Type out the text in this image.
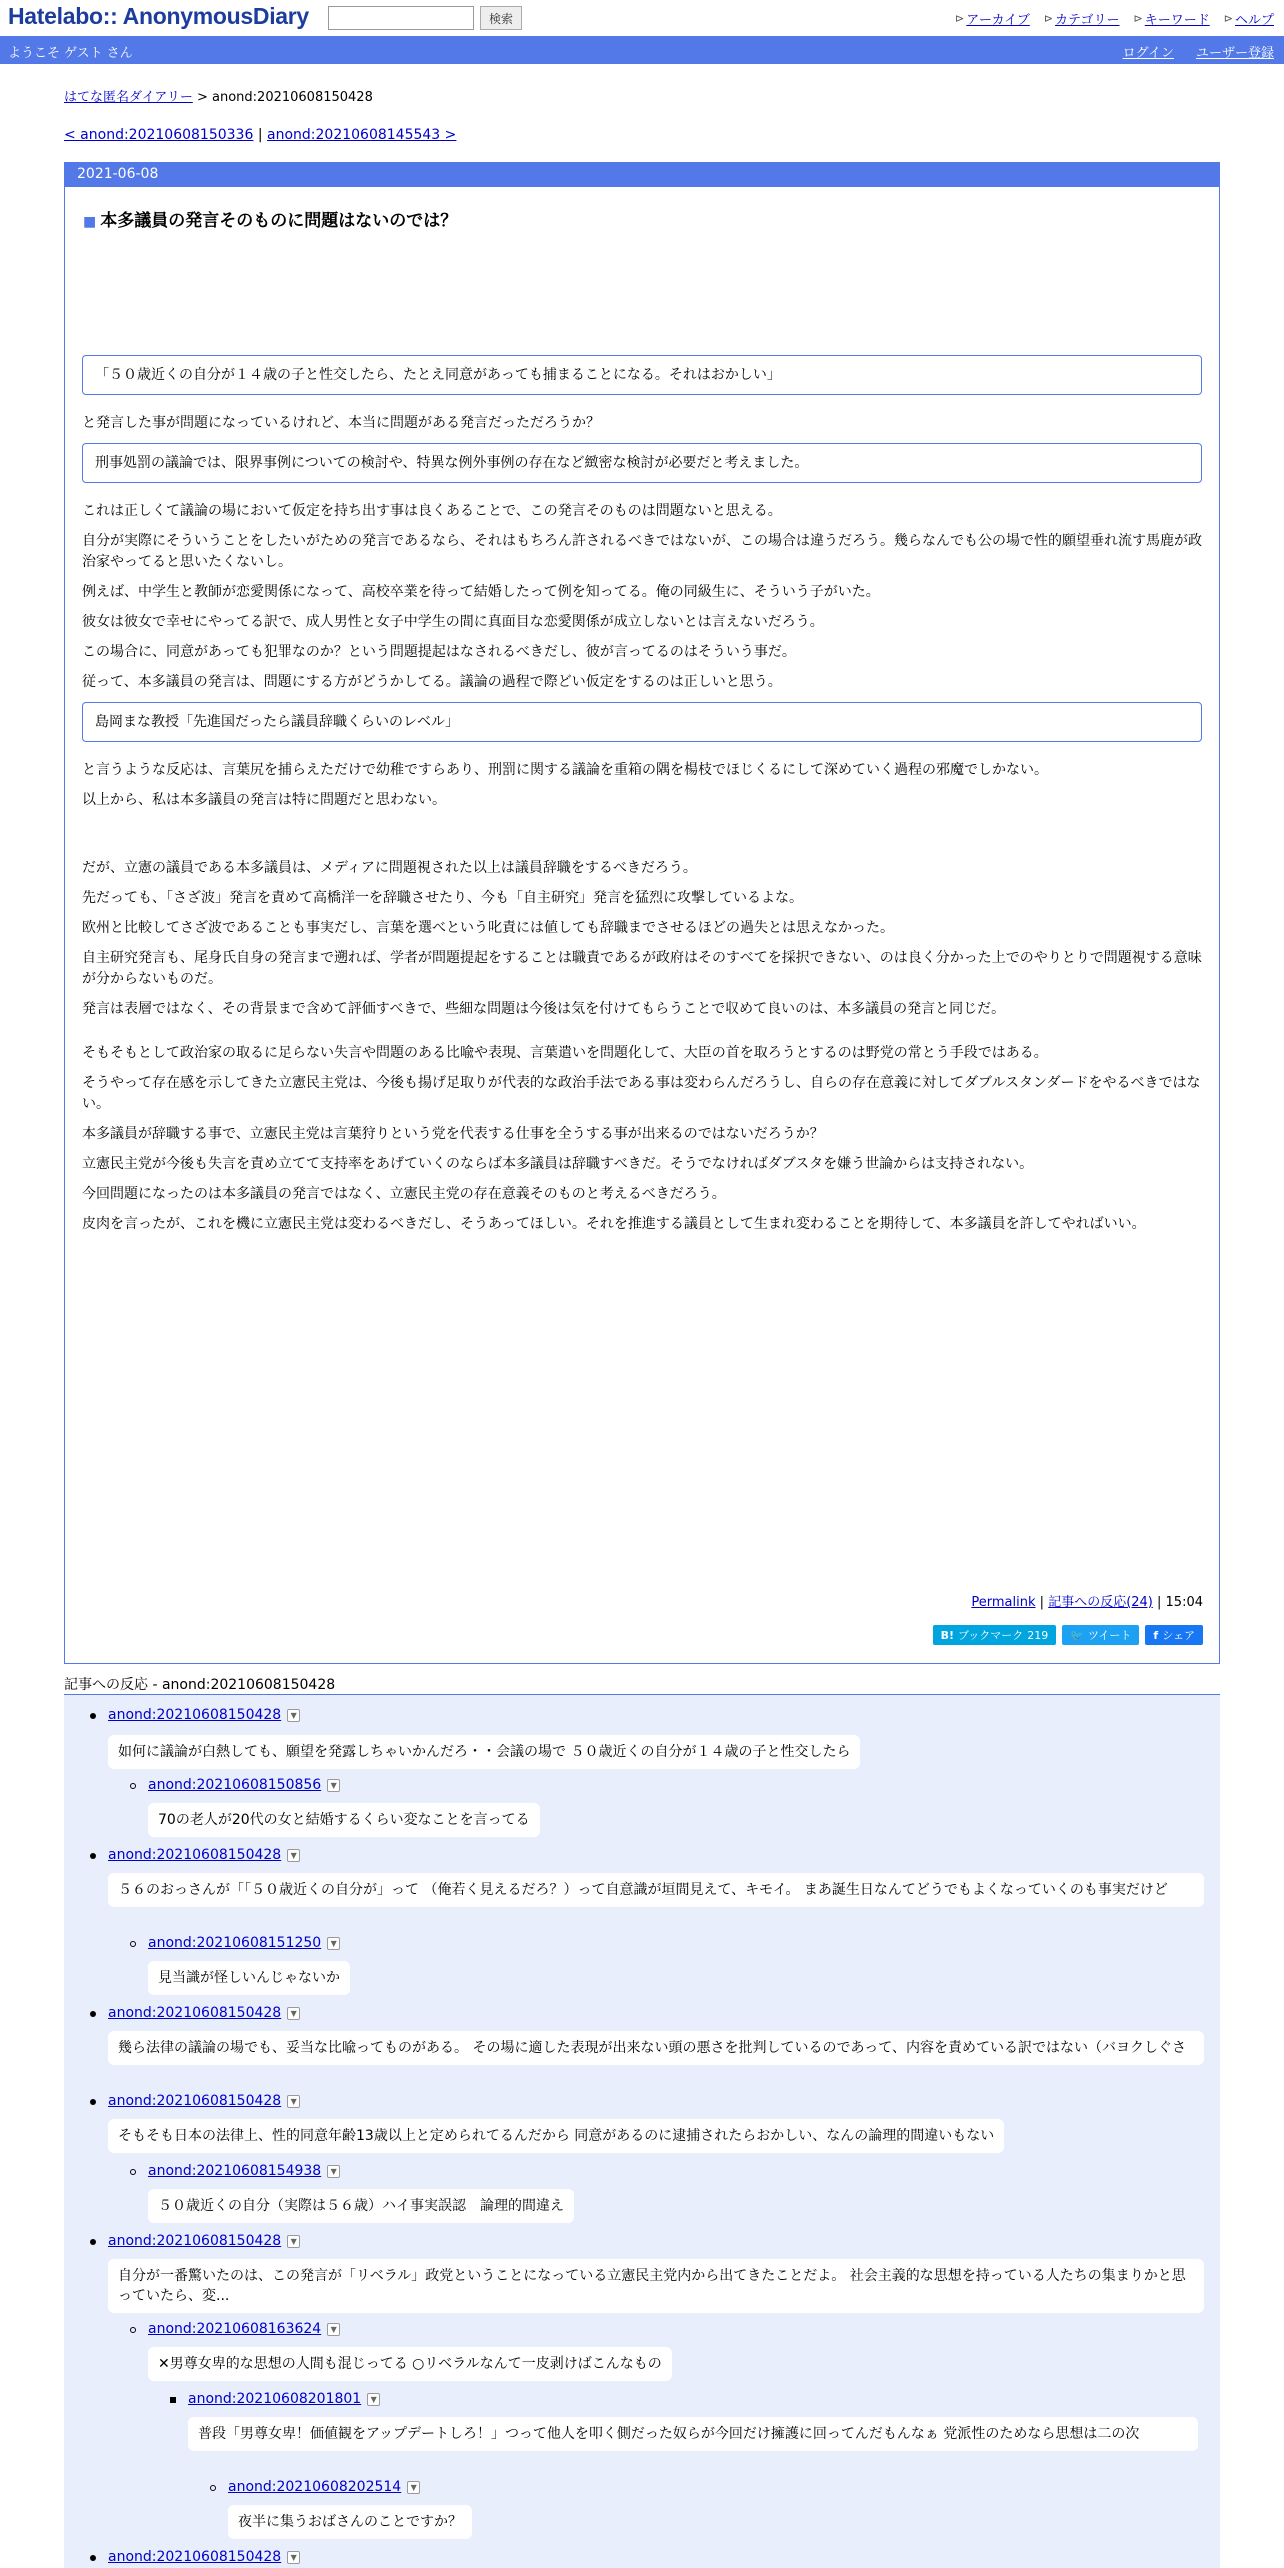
Hatelabo:: AnonymousDiary	検索	⊳ アーカイブ ⊳ カテゴリー ⊳ キーワード ⊳ ヘルプ
ようこそ ゲスト さん	ログイン ユーザー登録
はてな匿名ダイアリー > anond:20210608150428
< anond:20210608150336 | anond:20210608145543 >
2021-06-08
■ 本多議員の発言そのものに問題はないのでは？
「５０歳近くの自分が１４歳の子と性交したら、たとえ同意があっても捕まることになる。それはおかしい」
と発言した事が問題になっているけれど、本当に問題がある発言だっただろうか？
刑事処罰の議論では、限界事例についての検討や、特異な例外事例の存在など緻密な検討が必要だと考えました。
これは正しくて議論の場において仮定を持ち出す事は良くあることで、この発言そのものは問題ないと思える。
自分が実際にそういうことをしたいがための発言であるなら、それはもちろん許されるべきではないが、この場合は違うだろう。幾らなんでも公の場で性的願望垂れ流す馬鹿が政治家やってると思いたくないし。
例えば、中学生と教師が恋愛関係になって、高校卒業を待って結婚したって例を知ってる。俺の同級生に、そういう子がいた。
彼女は彼女で幸せにやってる訳で、成人男性と女子中学生の間に真面目な恋愛関係が成立しないとは言えないだろう。
この場合に、同意があっても犯罪なのか？という問題提起はなされるべきだし、彼が言ってるのはそういう事だ。
従って、本多議員の発言は、問題にする方がどうかしてる。議論の過程で際どい仮定をするのは正しいと思う。
島岡まな教授「先進国だったら議員辞職くらいのレベル」
と言うような反応は、言葉尻を捕らえただけで幼稚ですらあり、刑罰に関する議論を重箱の隅を楊枝でほじくるにして深めていく過程の邪魔でしかない。
以上から、私は本多議員の発言は特に問題だと思わない。
だが、立憲の議員である本多議員は、メディアに問題視された以上は議員辞職をするべきだろう。
先だっても、「さざ波」発言を責めて高橋洋一を辞職させたり、今も「自主研究」発言を猛烈に攻撃しているよな。
欧州と比較してさざ波であることも事実だし、言葉を選べという叱責には値しても辞職までさせるほどの過失とは思えなかった。
自主研究発言も、尾身氏自身の発言まで遡れば、学者が問題提起をすることは職責であるが政府はそのすべてを採択できない、のは良く分かった上でのやりとりで問題視する意味が分からないものだ。
発言は表層ではなく、その背景まで含めて評価すべきで、些細な問題は今後は気を付けてもらうことで収めて良いのは、本多議員の発言と同じだ。
そもそもとして政治家の取るに足らない失言や問題のある比喩や表現、言葉遣いを問題化して、大臣の首を取ろうとするのは野党の常とう手段ではある。
そうやって存在感を示してきた立憲民主党は、今後も揚げ足取りが代表的な政治手法である事は変わらんだろうし、自らの存在意義に対してダブルスタンダードをやるべきではない。
本多議員が辞職する事で、立憲民主党は言葉狩りという党を代表する仕事を全うする事が出来るのではないだろうか？
立憲民主党が今後も失言を責め立てて支持率をあげていくのならば本多議員は辞職すべきだ。そうでなければダブスタを嫌う世論からは支持されない。
今回問題になったのは本多議員の発言ではなく、立憲民主党の存在意義そのものと考えるべきだろう。
皮肉を言ったが、これを機に立憲民主党は変わるべきだし、そうあってほしい。それを推進する議員として生まれ変わることを期待して、本多議員を許してやればいい。
Permalink | 記事への反応(24) | 15:04
B! ブックマーク 219 🐦 ツイート f シェア
記事への反応 - anond:20210608150428
anond:20210608150428	▼
如何に議論が白熱しても、願望を発露しちゃいかんだろ・・会議の場で ５０歳近くの自分が１４歳の子と性交したら
anond:20210608150856	▼
70の老人が20代の女と結婚するくらい変なことを言ってる
anond:20210608150428	▼
５６のおっさんが「「５０歳近くの自分が」って （俺若く見えるだろ？）って自意識が垣間見えて、キモイ。 まあ誕生日なんてどうでもよくなっていくのも事実だけど
anond:20210608151250	▼
見当識が怪しいんじゃないか
anond:20210608150428	▼
幾ら法律の議論の場でも、妥当な比喩ってものがある。 その場に適した表現が出来ない頭の悪さを批判しているのであって、内容を責めている訳ではない（バヨクしぐさ
anond:20210608150428	▼
そもそも日本の法律上、性的同意年齢13歳以上と定められてるんだから 同意があるのに逮捕されたらおかしい、なんの論理的間違いもない
anond:20210608154938	▼
５０歳近くの自分（実際は５６歳）ハイ事実誤認　論理的間違え
anond:20210608150428	▼
自分が一番驚いたのは、この発言が「リベラル」政党ということになっている立憲民主党内から出てきたことだよ。 社会主義的な思想を持っている人たちの集まりかと思っていたら、変...
anond:20210608163624	▼
✕男尊女卑的な思想の人間も混じってる ○リベラルなんて一皮剥けばこんなもの
anond:20210608201801	▼
普段「男尊女卑！価値観をアップデートしろ！」つって他人を叩く側だった奴らが今回だけ擁護に回ってんだもんなぁ 党派性のためなら思想は二の次
anond:20210608202514	▼
夜半に集うおばさんのことですか？
anond:20210608150428	▼
